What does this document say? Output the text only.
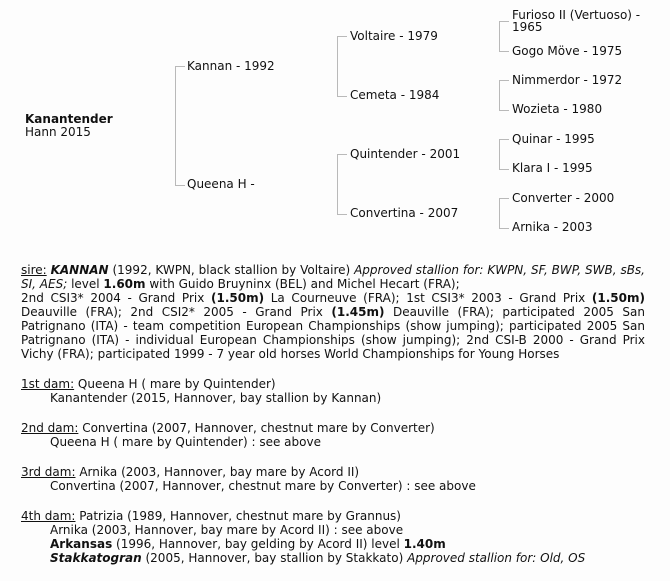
Kanantender
Hann 2015
Kannan - 1992
Queena H -
Voltaire - 1979
Cemeta - 1984
Quintender - 2001
Convertina - 2007
Furioso II (Vertuoso) - 1965
Gogo Möve - 1975
Nimmerdor - 1972
Wozieta - 1980
Quinar - 1995
Klara I - 1995
Converter - 2000
Arnika - 2003

sire: KANNAN (1992, KWPN, black stallion by Voltaire) Approved stallion for: KWPN, SF, BWP, SWB, sBs, SI, AES; level 1.60m with Guido Bruyninx (BEL) and Michel Hecart (FRA);
2nd CSI3* 2004 - Grand Prix (1.50m) La Courneuve (FRA); 1st CSI3* 2003 - Grand Prix (1.50m) Deauville (FRA); 2nd CSI2* 2005 - Grand Prix (1.45m) Deauville (FRA); participated 2005 San Patrignano (ITA) - team competition European Championships (show jumping); participated 2005 San Patrignano (ITA) - individual European Championships (show jumping); 2nd CSI-B 2000 - Grand Prix Vichy (FRA); participated 1999 - 7 year old horses World Championships for Young Horses

1st dam: Queena H ( mare by Quintender)
Kanantender (2015, Hannover, bay stallion by Kannan)
2nd dam: Convertina (2007, Hannover, chestnut mare by Converter)
Queena H ( mare by Quintender) : see above
3rd dam: Arnika (2003, Hannover, bay mare by Acord II)
Convertina (2007, Hannover, chestnut mare by Converter) : see above
4th dam: Patrizia (1989, Hannover, chestnut mare by Grannus)
Arnika (2003, Hannover, bay mare by Acord II) : see above
Arkansas (1996, Hannover, bay gelding by Acord II) level 1.40m
Stakkatogran (2005, Hannover, bay stallion by Stakkato) Approved stallion for: Old, OS
